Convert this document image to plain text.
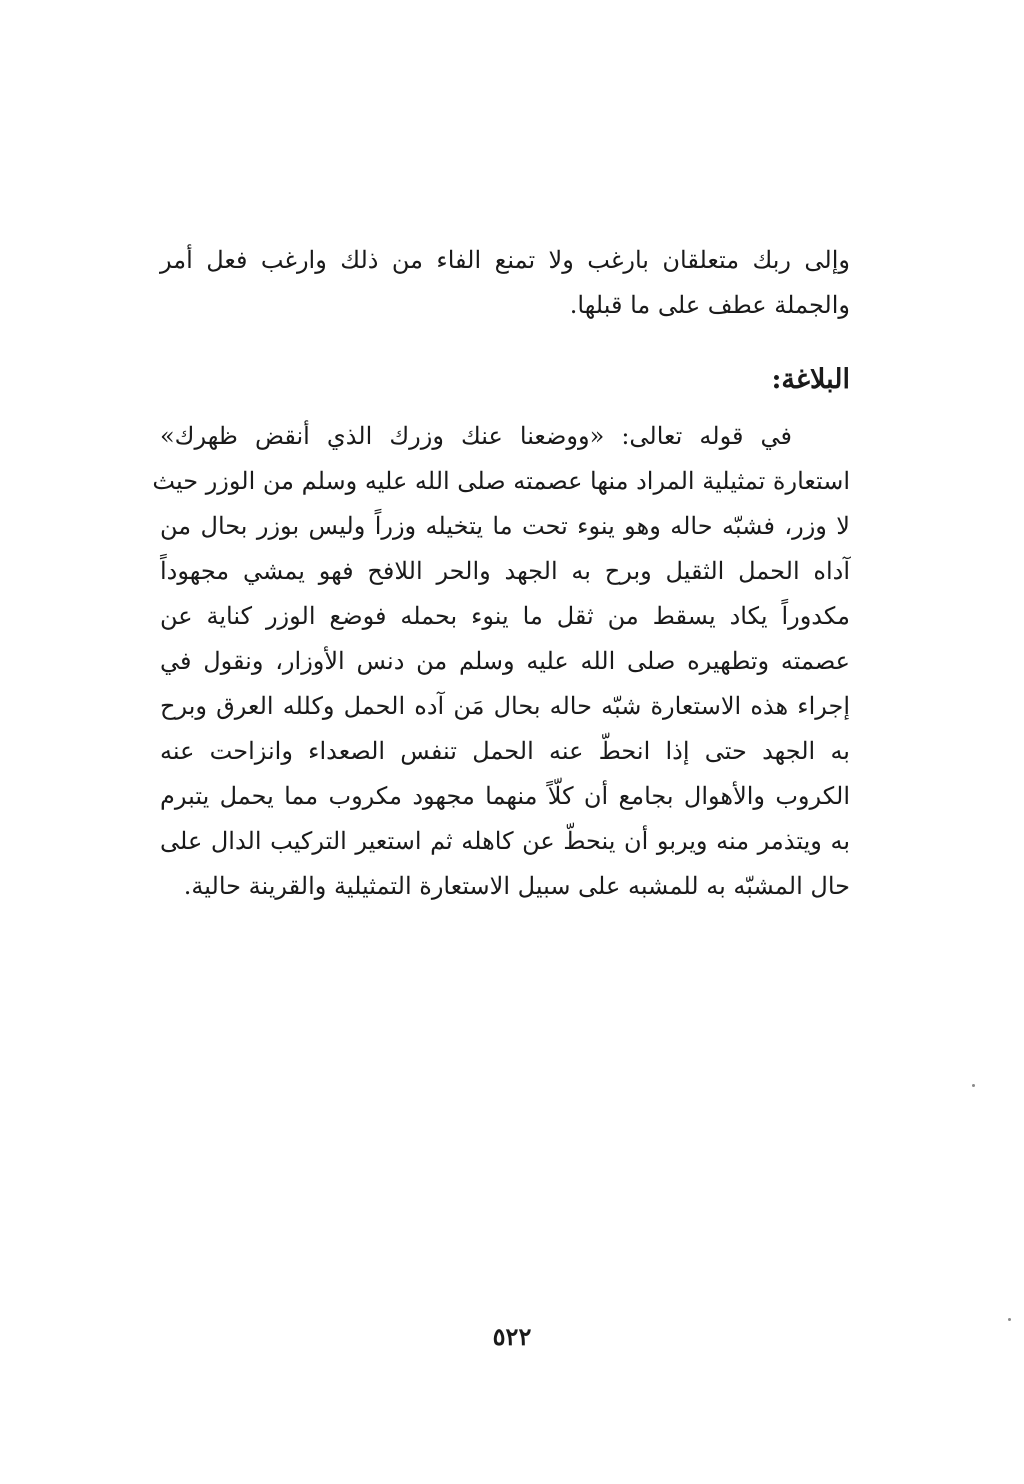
وإلى ربك متعلقان بارغب ولا تمنع الفاء من ذلك وارغب فعل أمر
والجملة عطف على ما قبلها.

البلاغة:

في قوله تعالى: «ووضعنا عنك وزرك الذي أنقض ظهرك»
استعارة تمثيلية المراد منها عصمته صلى الله عليه وسلم من الوزر حيث
لا وزر، فشبّه حاله وهو ينوء تحت ما يتخيله وزراً وليس بوزر بحال من
آداه الحمل الثقيل وبرح به الجهد والحر اللافح فهو يمشي مجهوداً
مكدوراً يكاد يسقط من ثقل ما ينوء بحمله فوضع الوزر كناية عن
عصمته وتطهيره صلى الله عليه وسلم من دنس الأوزار، ونقول في
إجراء هذه الاستعارة شبّه حاله بحال مَن آده الحمل وكلله العرق وبرح
به الجهد حتى إذا انحطّ عنه الحمل تنفس الصعداء وانزاحت عنه
الكروب والأهوال بجامع أن كلّاً منهما مجهود مكروب مما يحمل يتبرم
به ويتذمر منه ويربو أن ينحطّ عن كاهله ثم استعير التركيب الدال على
حال المشبّه به للمشبه على سبيل الاستعارة التمثيلية والقرينة حالية.

٥٢٢
